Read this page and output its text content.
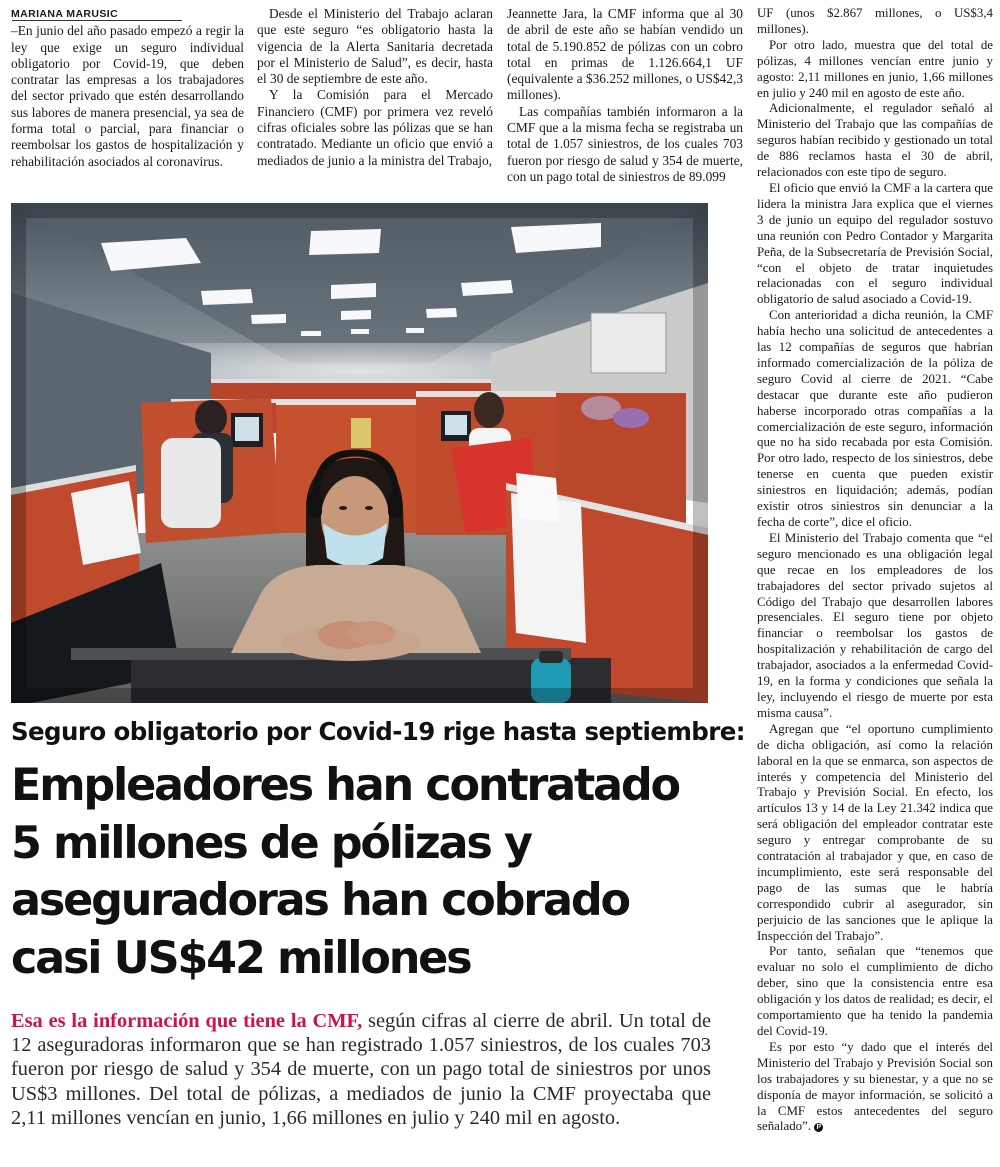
MARIANA MARUSIC

–En junio del año pasado empezó a regir la ley que exige un seguro individual obligatorio por Covid-19, que deben contratar las empresas a los trabajadores del sector privado que estén desarrollando sus labores de manera presencial, ya sea de forma total o parcial, para financiar o reembolsar los gastos de hospitalización y rehabilitación asociados al coronavirus.

Desde el Ministerio del Trabajo aclaran que este seguro “es obligatorio hasta la vigencia de la Alerta Sanitaria decretada por el Ministerio de Salud”, es decir, hasta el 30 de septiembre de este año.

Y la Comisión para el Mercado Financiero (CMF) por primera vez reveló cifras oficiales sobre las pólizas que se han contratado. Mediante un oficio que envió a mediados de junio a la ministra del Trabajo,

Jeannette Jara, la CMF informa que al 30 de abril de este año se habían vendido un total de 5.190.852 de pólizas con un cobro total en primas de 1.126.664,1 UF (equivalente a $36.252 millones, o US$42,3 millones).

Las compañías también informaron a la CMF que a la misma fecha se registraba un total de 1.057 siniestros, de los cuales 703 fueron por riesgo de salud y 354 de muerte, con un pago total de siniestros de 89.099

UF (unos $2.867 millones, o US$3,4 millones).

Por otro lado, muestra que del total de pólizas, 4 millones vencían entre junio y agosto: 2,11 millones en junio, 1,66 millones en julio y 240 mil en agosto de este año.

Adicionalmente, el regulador señaló al Ministerio del Trabajo que las compañías de seguros habían recibido y gestionado un total de 886 reclamos hasta el 30 de abril, relacionados con este tipo de seguro.

El oficio que envió la CMF a la cartera que lidera la ministra Jara explica que el viernes 3 de junio un equipo del regulador sostuvo una reunión con Pedro Contador y Margarita Peña, de la Subsecretaría de Previsión Social, “con el objeto de tratar inquietudes relacionadas con el seguro individual obligatorio de salud asociado a Covid-19.

Con anterioridad a dicha reunión, la CMF había hecho una solicitud de antecedentes a las 12 compañías de seguros que habrían informado comercialización de la póliza de seguro Covid al cierre de 2021. “Cabe destacar que durante este año pudieron haberse incorporado otras compañías a la comercialización de este seguro, información que no ha sido recabada por esta Comisión. Por otro lado, respecto de los siniestros, debe tenerse en cuenta que pueden existir siniestros en liquidación; además, podían existir otros siniestros sin denunciar a la fecha de corte”, dice el oficio.

El Ministerio del Trabajo comenta que “el seguro mencionado es una obligación legal que recae en los empleadores de los trabajadores del sector privado sujetos al Código del Trabajo que desarrollen labores presenciales. El seguro tiene por objeto financiar o reembolsar los gastos de hospitalización y rehabilitación de cargo del trabajador, asociados a la enfermedad Covid-19, en la forma y condiciones que señala la ley, incluyendo el riesgo de muerte por esta misma causa”.

Agregan que “el oportuno cumplimiento de dicha obligación, así como la relación laboral en la que se enmarca, son aspectos de interés y competencia del Ministerio del Trabajo y Previsión Social. En efecto, los artículos 13 y 14 de la Ley 21.342 indica que será obligación del empleador contratar este seguro y entregar comprobante de su contratación al trabajador y que, en caso de incumplimiento, este será responsable del pago de las sumas que le habría correspondido cubrir al asegurador, sin perjuicio de las sanciones que le aplique la Inspección del Trabajo”.

Por tanto, señalan que “tenemos que evaluar no solo el cumplimiento de dicho deber, sino que la consistencia entre esa obligación y los datos de realidad; es decir, el comportamiento que ha tenido la pandemia del Covid-19.

Es por esto “y dado que el interés del Ministerio del Trabajo y Previsión Social son los trabajadores y su bienestar, y a que no se disponía de mayor información, se solicitó a la CMF estos antecedentes del seguro señalado”. P

Seguro obligatorio por Covid-19 rige hasta septiembre:
Empleadores han contratado
5 millones de pólizas y
aseguradoras han cobrado
casi US$42 millones
Esa es la información que tiene la CMF, según cifras al cierre de abril. Un total de 12 aseguradoras informaron que se han registrado 1.057 siniestros, de los cuales 703 fueron por riesgo de salud y 354 de muerte, con un pago total de siniestros por unos US$3 millones. Del total de pólizas, a mediados de junio la CMF proyectaba que 2,11 millones vencían en junio, 1,66 millones en julio y 240 mil en agosto.
